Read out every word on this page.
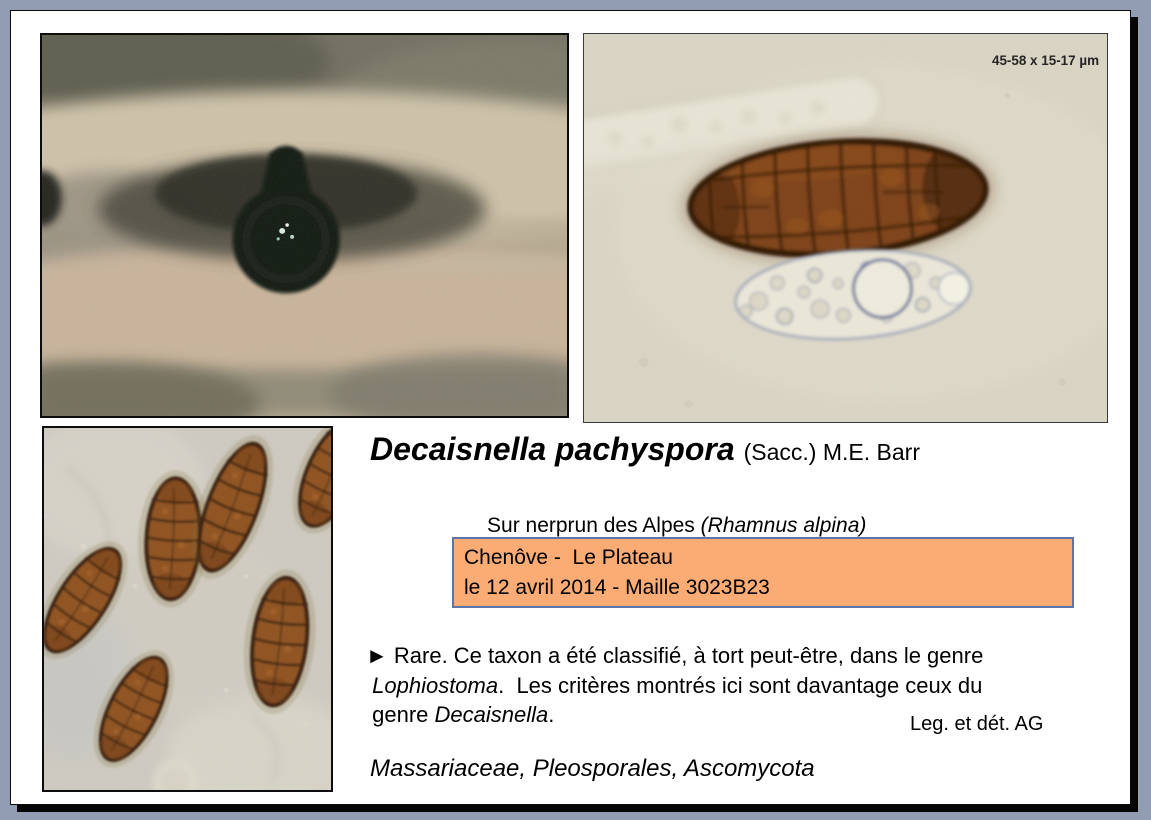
45-58 x 15-17 µm
Decaisnella pachyspora (Sacc.) M.E. Barr

Sur nerprun des Alpes (Rhamnus alpina)

Chenôve -  Le Plateau
le 12 avril 2014 - Maille 3023B23
► Rare. Ce taxon a été classifié, à tort peut-être, dans le genre
Lophiostoma.  Les critères montrés ici sont davantage ceux du
genre Decaisnella.	Leg. et dét. AG
Massariaceae, Pleosporales, Ascomycota
